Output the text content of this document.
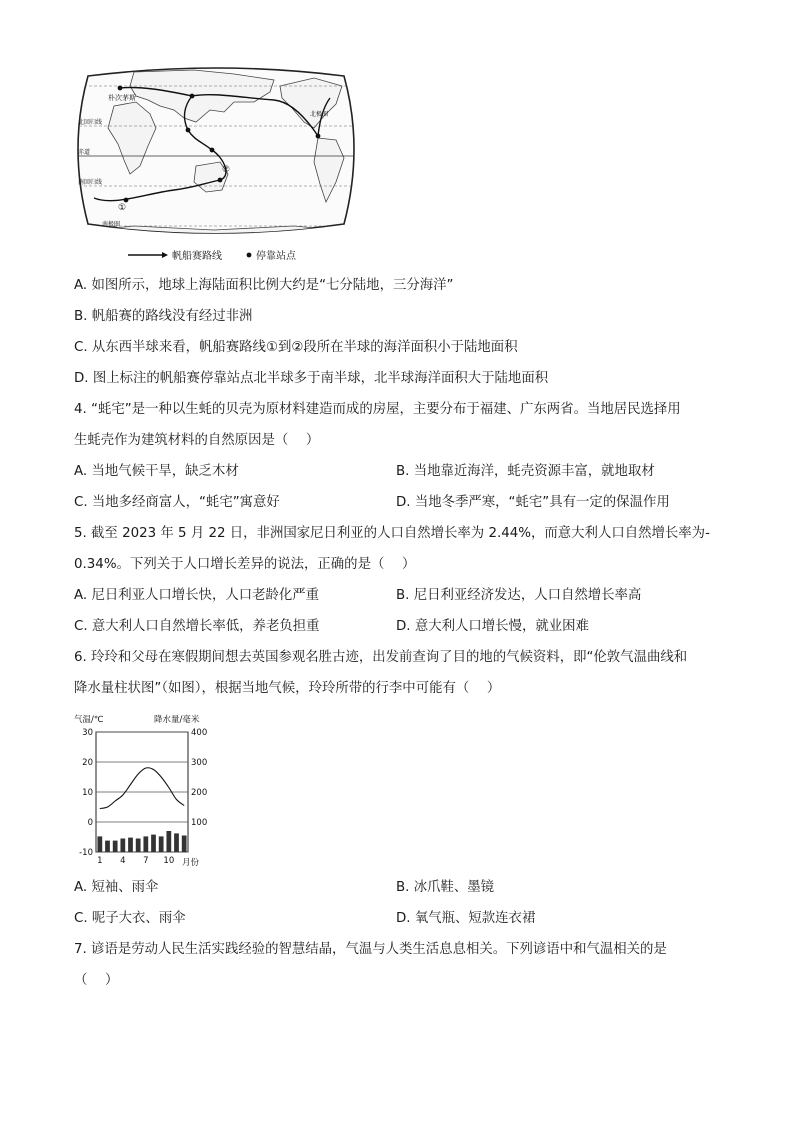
朴次茅斯
北极圈
北回归线
赤道
南回归线
南极圈
①
②
帆船赛路线	停靠站点
A. 如图所示，地球上海陆面积比例大约是“七分陆地，三分海洋”
B. 帆船赛的路线没有经过非洲
C. 从东西半球来看，帆船赛路线①到②段所在半球的海洋面积小于陆地面积
D. 图上标注的帆船赛停靠站点北半球多于南半球，北半球海洋面积大于陆地面积
4. “蚝宅”是一种以生蚝的贝壳为原材料建造而成的房屋，主要分布于福建、广东两省。当地居民选择用
生蚝壳作为建筑材料的自然原因是（　 ）
A. 当地气候干旱，缺乏木材	B. 当地靠近海洋，蚝壳资源丰富，就地取材
C. 当地多经商富人，“蚝宅”寓意好	D. 当地冬季严寒，“蚝宅”具有一定的保温作用
5. 截至 2023 年 5 月 22 日，非洲国家尼日利亚的人口自然增长率为 2.44%，而意大利人口自然增长率为-
0.34%。下列关于人口增长差异的说法，正确的是（　 ）
A. 尼日利亚人口增长快，人口老龄化严重	B. 尼日利亚经济发达，人口自然增长率高
C. 意大利人口自然增长率低，养老负担重	D. 意大利人口增长慢，就业困难
6. 玲玲和父母在寒假期间想去英国参观名胜古迹，出发前查询了目的地的气候资料，即“伦敦气温曲线和
降水量柱状图”（如图），根据当地气候，玲玲所带的行李中可能有（　 ）
气温/℃	降水量/毫米
30
20
10
0
-10
400
300
200
100
1 4 7 10 月份
A. 短袖、雨伞	B. 冰爪鞋、墨镜
C. 呢子大衣、雨伞	D. 氧气瓶、短款连衣裙
7. 谚语是劳动人民生活实践经验的智慧结晶，气温与人类生活息息相关。下列谚语中和气温相关的是
（　 ）
